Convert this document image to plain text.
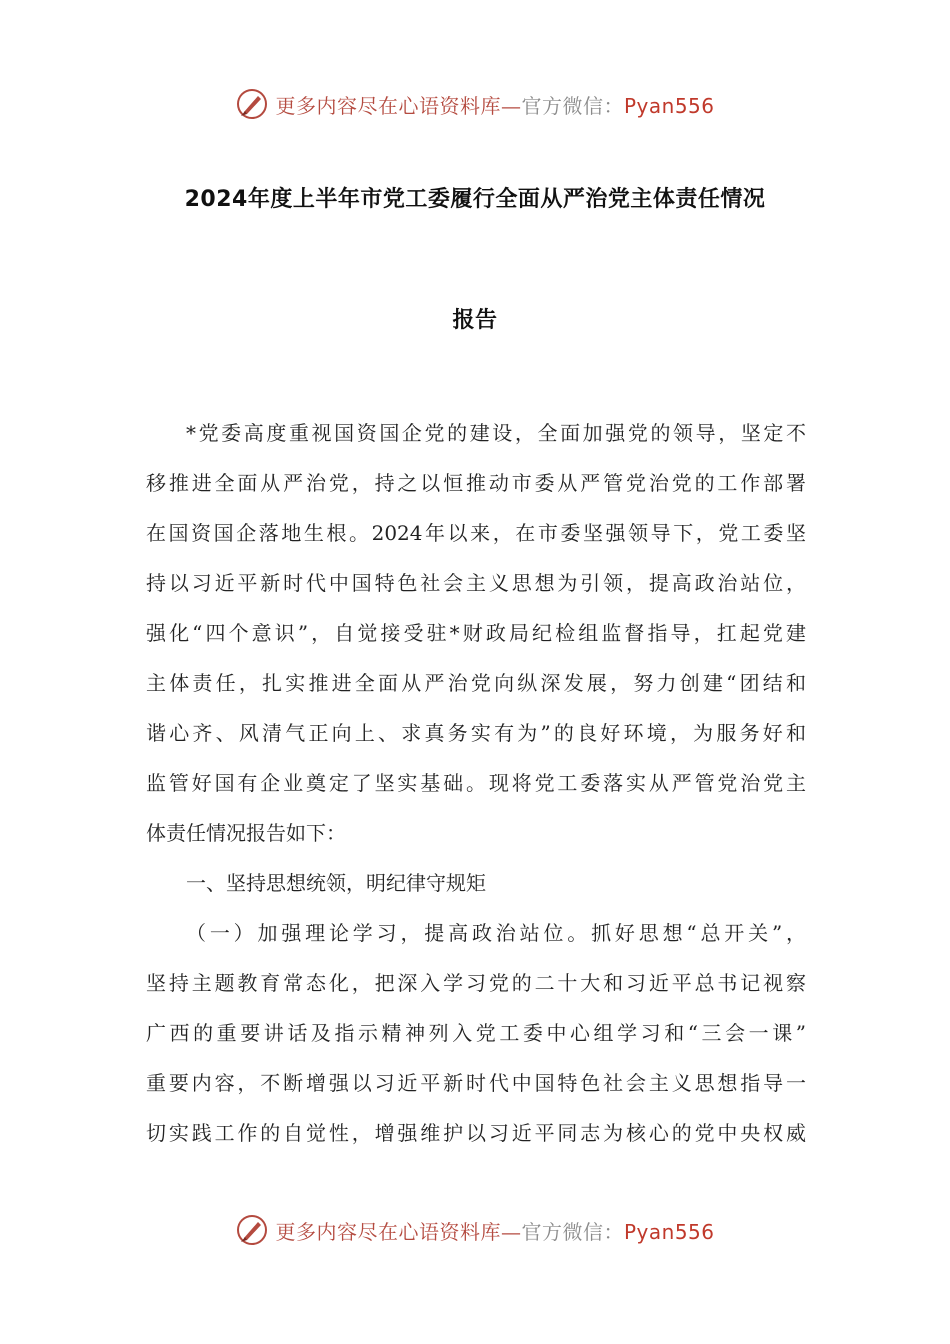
更多内容尽在心语资料库—官方微信：Pyan556
2024年度上半年市党工委履行全面从严治党主体责任情况
报告
*党委高度重视国资国企党的建设，全面加强党的领导，坚定不
移推进全面从严治党，持之以恒推动市委从严管党治党的工作部署
在国资国企落地生根。2024年以来，在市委坚强领导下，党工委坚
持以习近平新时代中国特色社会主义思想为引领，提高政治站位，
强化“四个意识”，自觉接受驻*财政局纪检组监督指导，扛起党建
主体责任，扎实推进全面从严治党向纵深发展，努力创建“团结和
谐心齐、风清气正向上、求真务实有为”的良好环境，为服务好和
监管好国有企业奠定了坚实基础。现将党工委落实从严管党治党主
体责任情况报告如下：
一、坚持思想统领，明纪律守规矩
（一）加强理论学习，提高政治站位。抓好思想“总开关”，
坚持主题教育常态化，把深入学习党的二十大和习近平总书记视察
广西的重要讲话及指示精神列入党工委中心组学习和“三会一课”
重要内容，不断增强以习近平新时代中国特色社会主义思想指导一
切实践工作的自觉性，增强维护以习近平同志为核心的党中央权威
更多内容尽在心语资料库—官方微信：Pyan556
